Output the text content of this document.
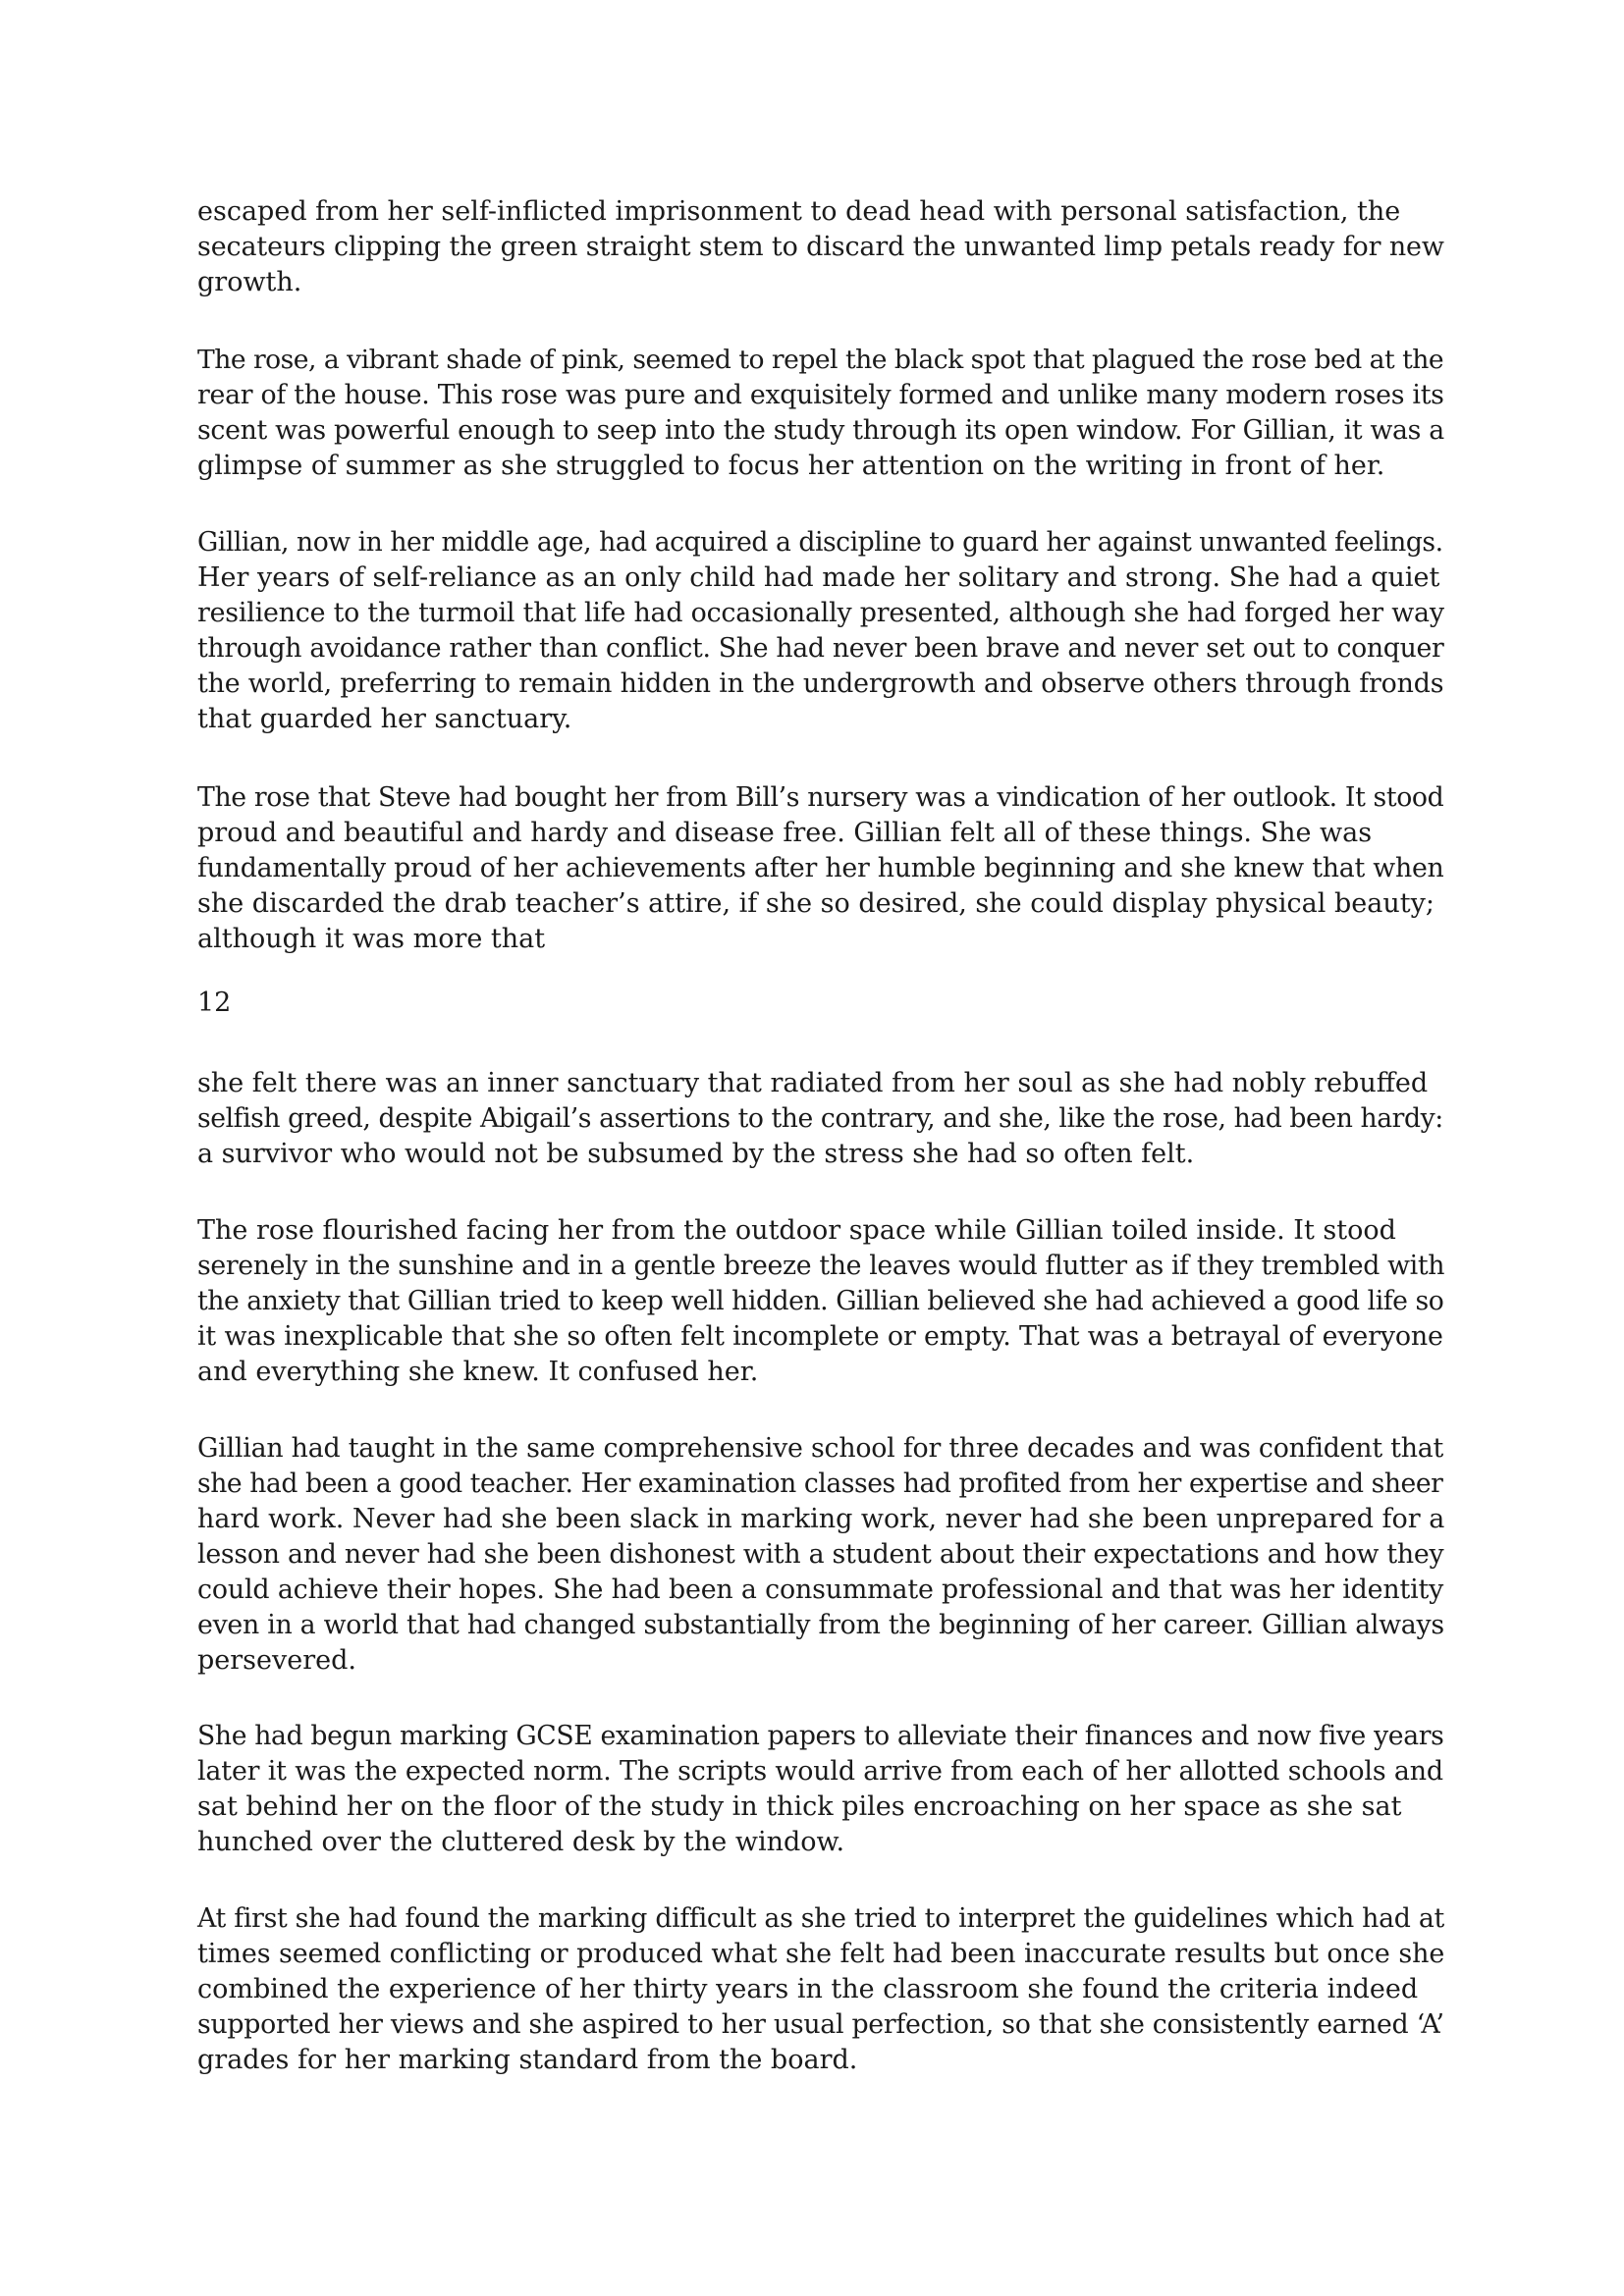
escaped from her self-inflicted imprisonment to dead head with personal satisfaction, the
secateurs clipping the green straight stem to discard the unwanted limp petals ready for new
growth.

The rose, a vibrant shade of pink, seemed to repel the black spot that plagued the rose bed at the
rear of the house. This rose was pure and exquisitely formed and unlike many modern roses its
scent was powerful enough to seep into the study through its open window. For Gillian, it was a
glimpse of summer as she struggled to focus her attention on the writing in front of her.

Gillian, now in her middle age, had acquired a discipline to guard her against unwanted feelings.
Her years of self-reliance as an only child had made her solitary and strong. She had a quiet
resilience to the turmoil that life had occasionally presented, although she had forged her way
through avoidance rather than conflict. She had never been brave and never set out to conquer
the world, preferring to remain hidden in the undergrowth and observe others through fronds
that guarded her sanctuary.

The rose that Steve had bought her from Bill’s nursery was a vindication of her outlook. It stood
proud and beautiful and hardy and disease free. Gillian felt all of these things. She was
fundamentally proud of her achievements after her humble beginning and she knew that when
she discarded the drab teacher’s attire, if she so desired, she could display physical beauty;
although it was more that

12

she felt there was an inner sanctuary that radiated from her soul as she had nobly rebuffed
selfish greed, despite Abigail’s assertions to the contrary, and she, like the rose, had been hardy:
a survivor who would not be subsumed by the stress she had so often felt.

The rose flourished facing her from the outdoor space while Gillian toiled inside. It stood
serenely in the sunshine and in a gentle breeze the leaves would flutter as if they trembled with
the anxiety that Gillian tried to keep well hidden. Gillian believed she had achieved a good life so
it was inexplicable that she so often felt incomplete or empty. That was a betrayal of everyone
and everything she knew. It confused her.

Gillian had taught in the same comprehensive school for three decades and was confident that
she had been a good teacher. Her examination classes had profited from her expertise and sheer
hard work. Never had she been slack in marking work, never had she been unprepared for a
lesson and never had she been dishonest with a student about their expectations and how they
could achieve their hopes. She had been a consummate professional and that was her identity
even in a world that had changed substantially from the beginning of her career. Gillian always
persevered.

She had begun marking GCSE examination papers to alleviate their finances and now five years
later it was the expected norm. The scripts would arrive from each of her allotted schools and
sat behind her on the floor of the study in thick piles encroaching on her space as she sat
hunched over the cluttered desk by the window.

At first she had found the marking difficult as she tried to interpret the guidelines which had at
times seemed conflicting or produced what she felt had been inaccurate results but once she
combined the experience of her thirty years in the classroom she found the criteria indeed
supported her views and she aspired to her usual perfection, so that she consistently earned ‘A’
grades for her marking standard from the board.
